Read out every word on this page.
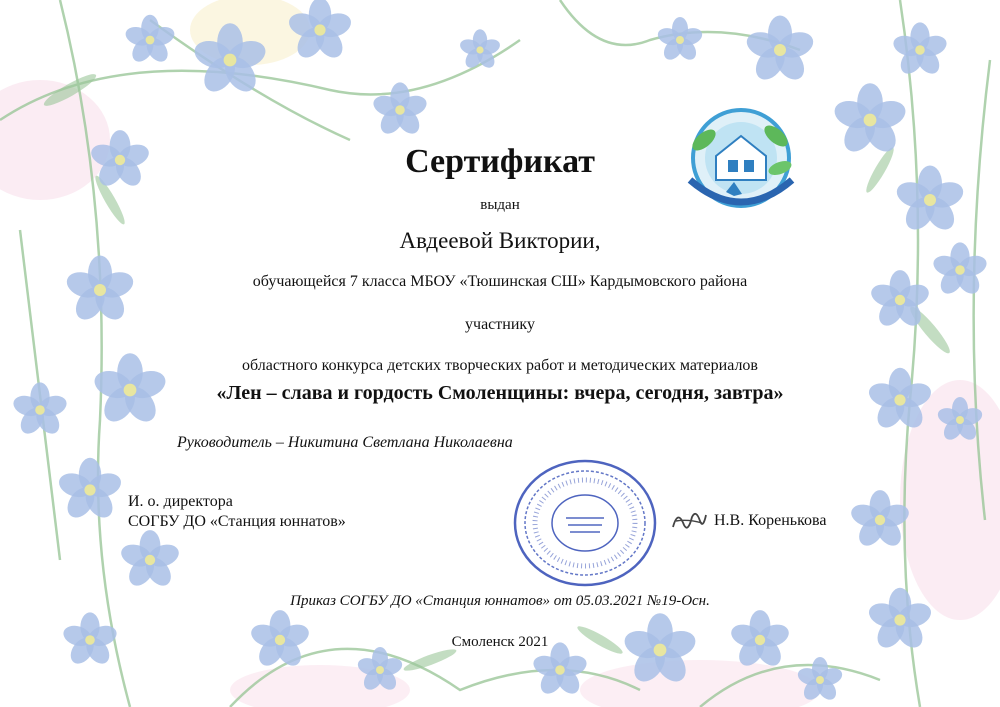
Сертификат
выдан
Авдеевой Виктории,
обучающейся 7 класса МБОУ «Тюшинская СШ» Кардымовского района
участнику
областного конкурса детских творческих работ и методических материалов
«Лен – слава и гордость Смоленщины: вчера, сегодня, завтра»
Руководитель – Никитина Светлана Николаевна
И. о. директора
СОГБУ ДО «Станция юннатов»	Н.В. Коренькова
Приказ СОГБУ ДО «Станция юннатов» от 05.03.2021 №19-Осн.
Смоленск 2021
